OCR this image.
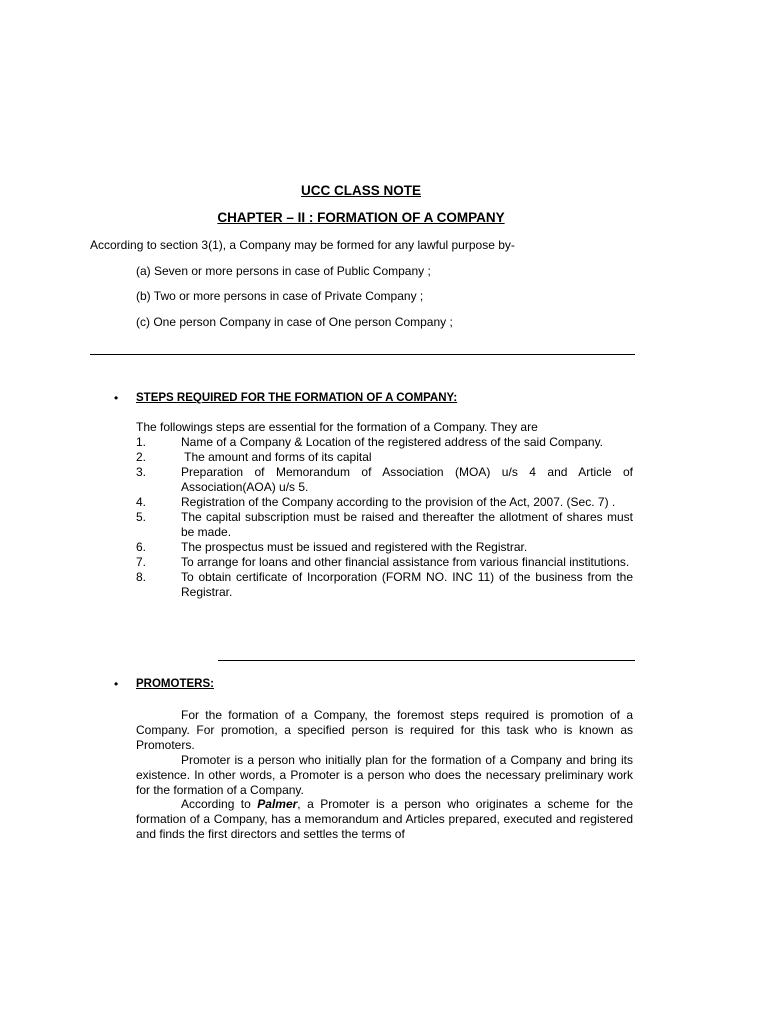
UCC CLASS NOTE
CHAPTER – II : FORMATION OF A COMPANY
According to section 3(1), a Company may be formed for any lawful purpose by-
(a) Seven or more persons in case of Public Company ;
(b) Two or more persons in case of Private Company ;
(c) One person Company in case of One person Company ;
• STEPS REQUIRED FOR THE FORMATION OF A COMPANY:
The followings steps are essential for the formation of a Company. They are
1.	Name of a Company & Location of the registered address of the said Company.
2.	The amount and forms of its capital
3.	Preparation of Memorandum of Association (MOA) u/s 4 and Article of Association(AOA) u/s 5.
4.	Registration of the Company according to the provision of the Act, 2007. (Sec. 7) .
5.	The capital subscription must be raised and thereafter the allotment of shares must be made.
6.	The prospectus must be issued and registered with the Registrar.
7.	To arrange for loans and other financial assistance from various financial institutions.
8.	To obtain certificate of Incorporation (FORM NO. INC 11) of the business from the Registrar.
• PROMOTERS:

For the formation of a Company, the foremost steps required is promotion of a Company. For promotion, a specified person is required for this task who is known as Promoters.

Promoter is a person who initially plan for the formation of a Company and bring its existence. In other words, a Promoter is a person who does the necessary preliminary work for the formation of a Company.

According to Palmer, a Promoter is a person who originates a scheme for the formation of a Company, has a memorandum and Articles prepared, executed and registered and finds the first directors and settles the terms of
